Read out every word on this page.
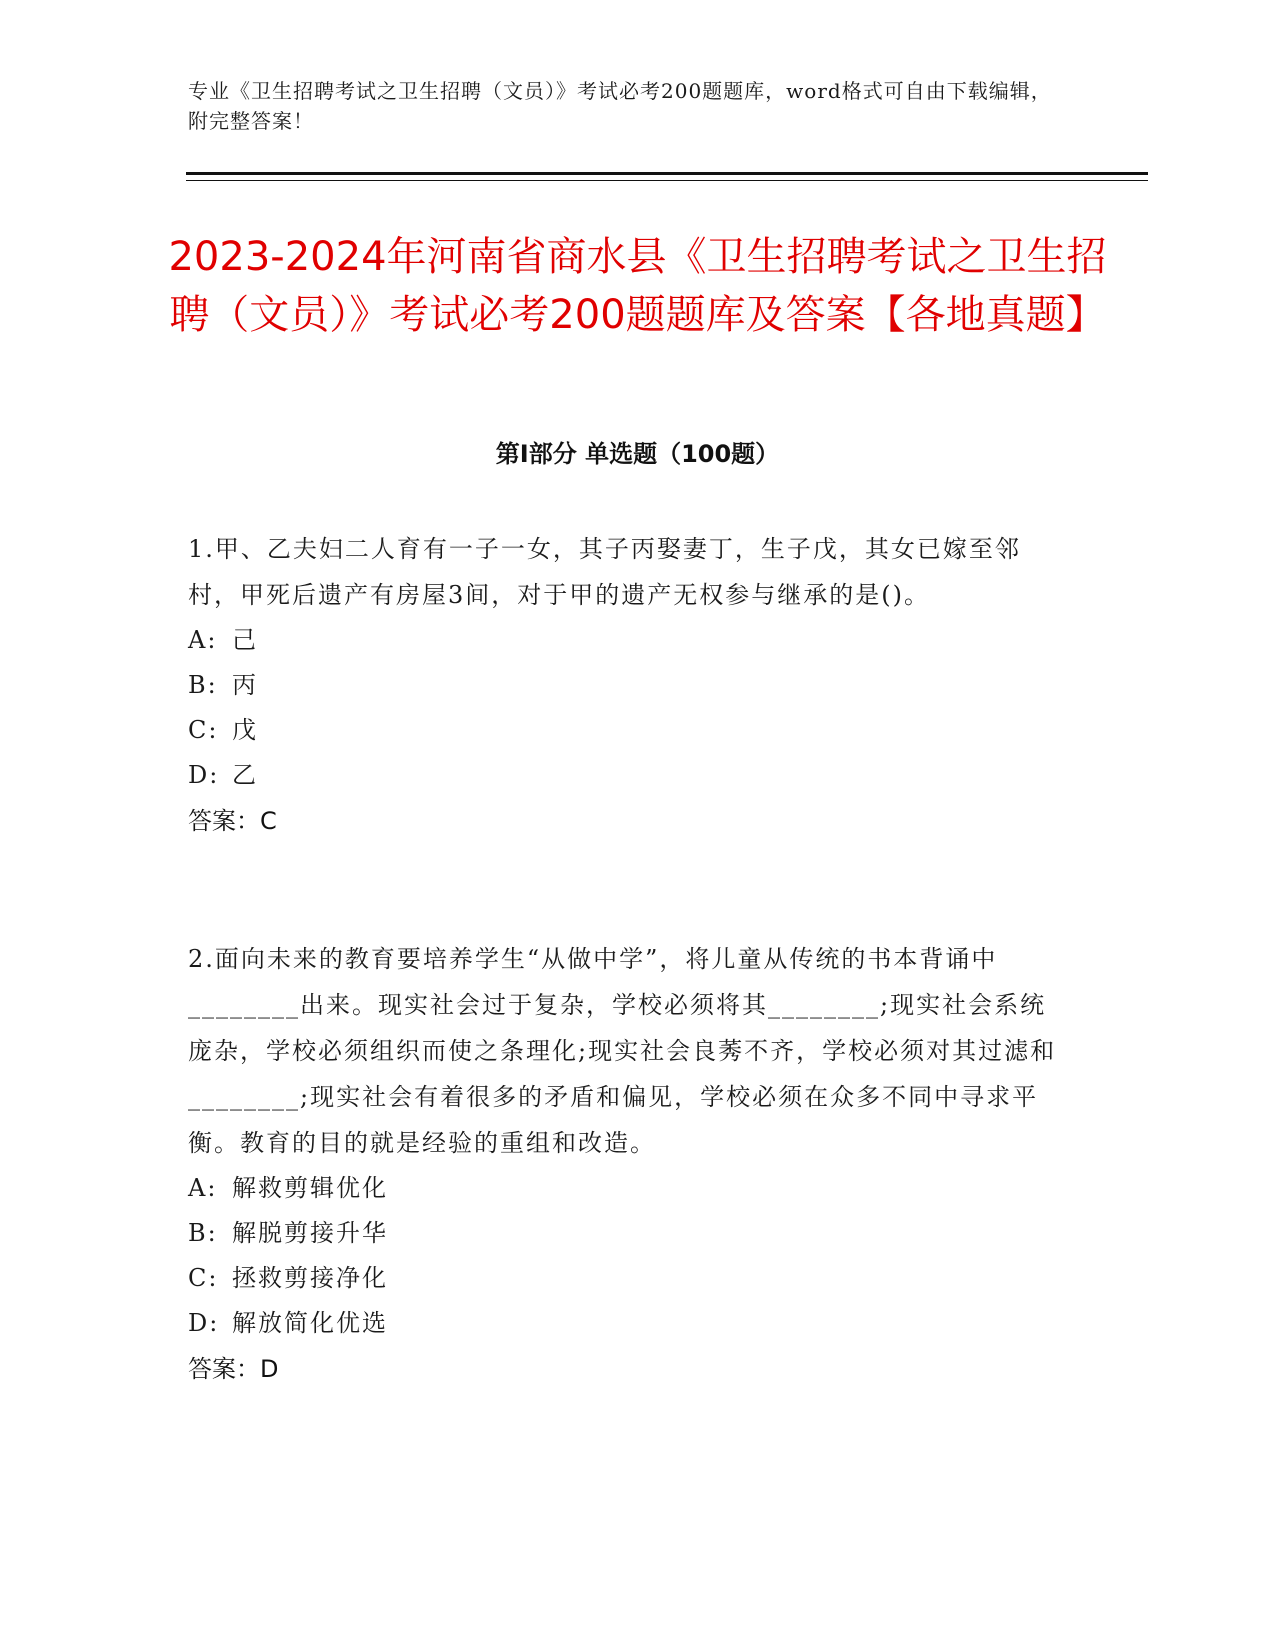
专业《卫生招聘考试之卫生招聘（文员）》考试必考200题题库，word格式可自由下载编辑，附完整答案！
2023-2024年河南省商水县《卫生招聘考试之卫生招聘（文员）》考试必考200题题库及答案【各地真题】
第Ⅰ部分 单选题（100题）

1.甲、乙夫妇二人育有一子一女，其子丙娶妻丁，生子戊，其女已嫁至邻村，甲死后遗产有房屋3间，对于甲的遗产无权参与继承的是()。

A: 己

B: 丙

C: 戊

D: 乙

答案：C

2.面向未来的教育要培养学生“从做中学”，将儿童从传统的书本背诵中________出来。现实社会过于复杂，学校必须将其________;现实社会系统庞杂，学校必须组织而使之条理化;现实社会良莠不齐，学校必须对其过滤和________;现实社会有着很多的矛盾和偏见，学校必须在众多不同中寻求平衡。教育的目的就是经验的重组和改造。

A: 解救剪辑优化

B: 解脱剪接升华

C: 拯救剪接净化

D: 解放简化优选

答案：D
